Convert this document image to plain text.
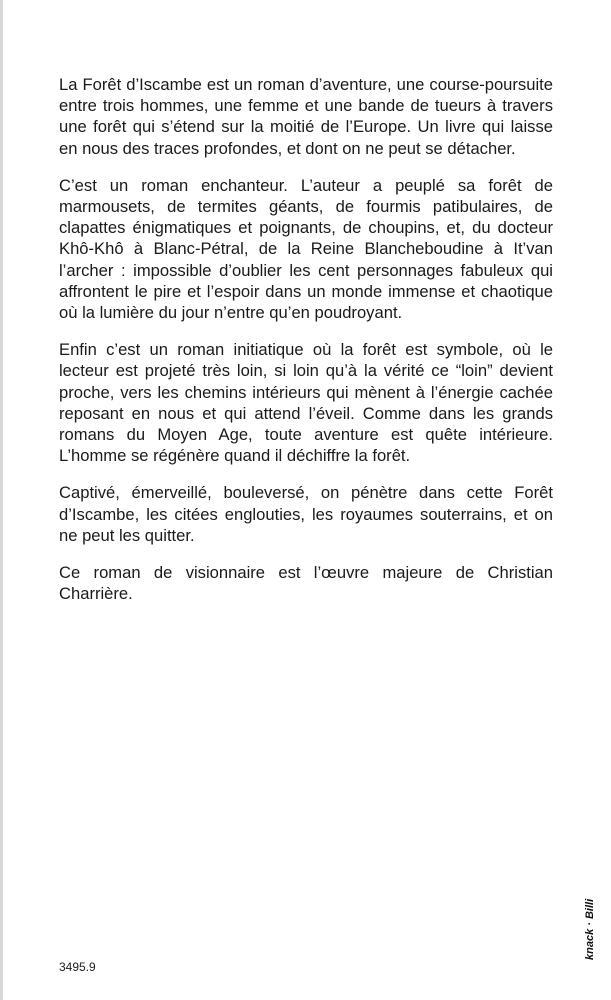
La Forêt d’Iscambe est un roman d’aventure, une course-poursuite entre trois hommes, une femme et une bande de tueurs à travers une forêt qui s’étend sur la moitié de l’Europe. Un livre qui laisse en nous des traces profondes, et dont on ne peut se détacher.

C’est un roman enchanteur. L’auteur a peuplé sa forêt de marmousets, de termites géants, de fourmis patibulaires, de clapattes énigmatiques et poignants, de choupins, et, du docteur Khô-Khô à Blanc-Pétral, de la Reine Blancheboudine à It’van l’archer : impossible d’oublier les cent personnages fabuleux qui affrontent le pire et l’espoir dans un monde immense et chaotique où la lumière du jour n’entre qu’en poudroyant.

Enfin c’est un roman initiatique où la forêt est symbole, où le lecteur est projeté très loin, si loin qu’à la vérité ce “loin” devient proche, vers les chemins intérieurs qui mènent à l’énergie cachée reposant en nous et qui attend l’éveil. Comme dans les grands romans du Moyen Age, toute aventure est quête intérieure. L’homme se régénère quand il déchiffre la forêt.

Captivé, émerveillé, bouleversé, on pénètre dans cette Forêt d’Iscambe, les citées englouties, les royaumes souterrains, et on ne peut les quitter.

Ce roman de visionnaire est l’œuvre majeure de Christian Charrière.

3495.9
knack · Billi
